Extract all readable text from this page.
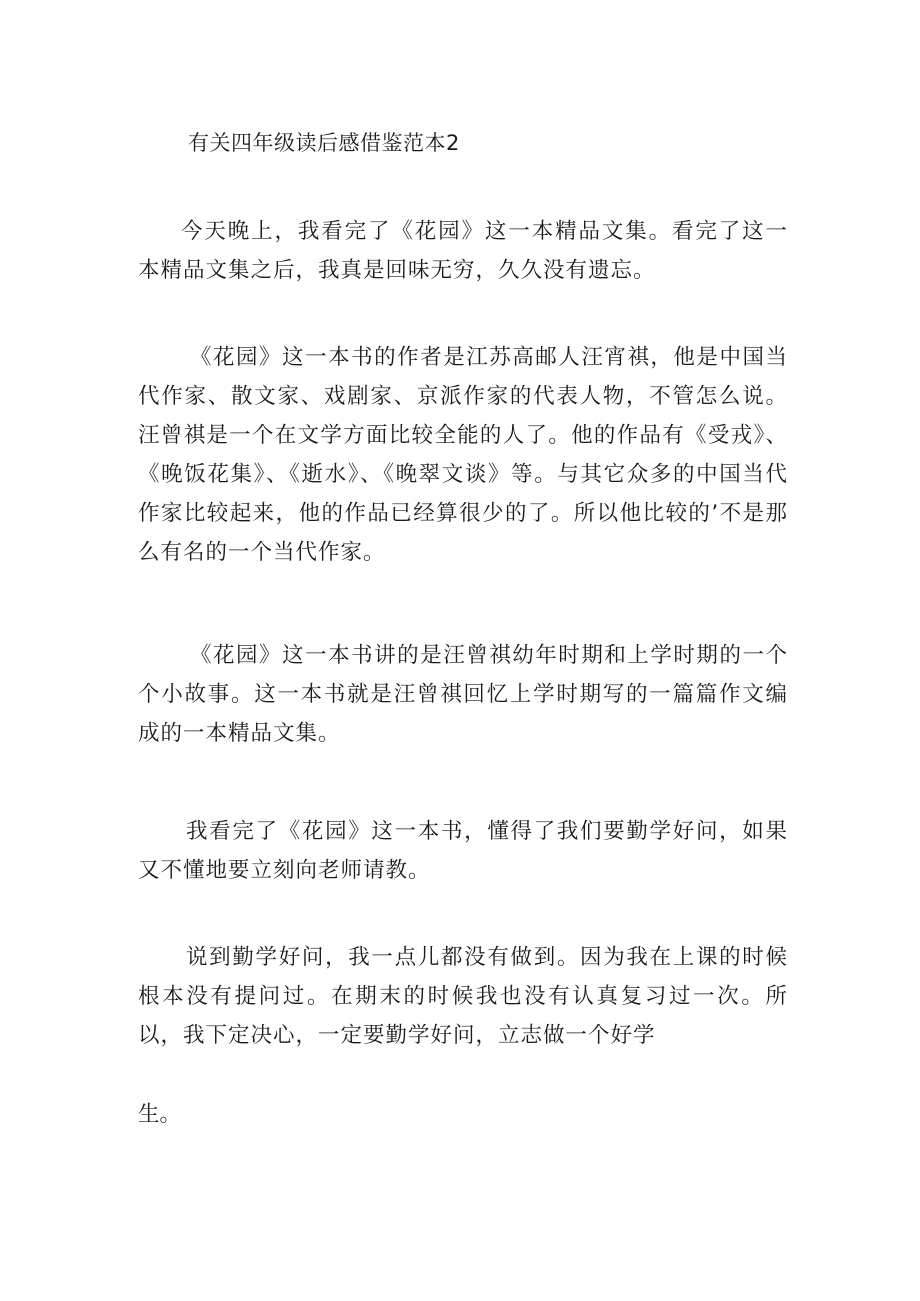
有关四年级读后感借鉴范本2

今天晚上，我看完了《花园》这一本精品文集。看完了这一本精品文集之后，我真是回味无穷，久久没有遗忘。

《花园》这一本书的作者是江苏高邮人汪宵祺，他是中国当代作家、散文家、戏剧家、京派作家的代表人物，不管怎么说。汪曾祺是一个在文学方面比较全能的人了。他的作品有《受戎》、《晚饭花集》、《逝水》、《晚翠文谈》等。与其它众多的中国当代作家比较起来，他的作品已经算很少的了。所以他比较的’不是那么有名的一个当代作家。

《花园》这一本书讲的是汪曾祺幼年时期和上学时期的一个个小故事。这一本书就是汪曾祺回忆上学时期写的一篇篇作文编成的一本精品文集。

我看完了《花园》这一本书，懂得了我们要勤学好问，如果又不懂地要立刻向老师请教。

说到勤学好问，我一点儿都没有做到。因为我在上课的时候根本没有提问过。在期末的时候我也没有认真复习过一次。所以，我下定决心，一定要勤学好问，立志做一个好学

生。
